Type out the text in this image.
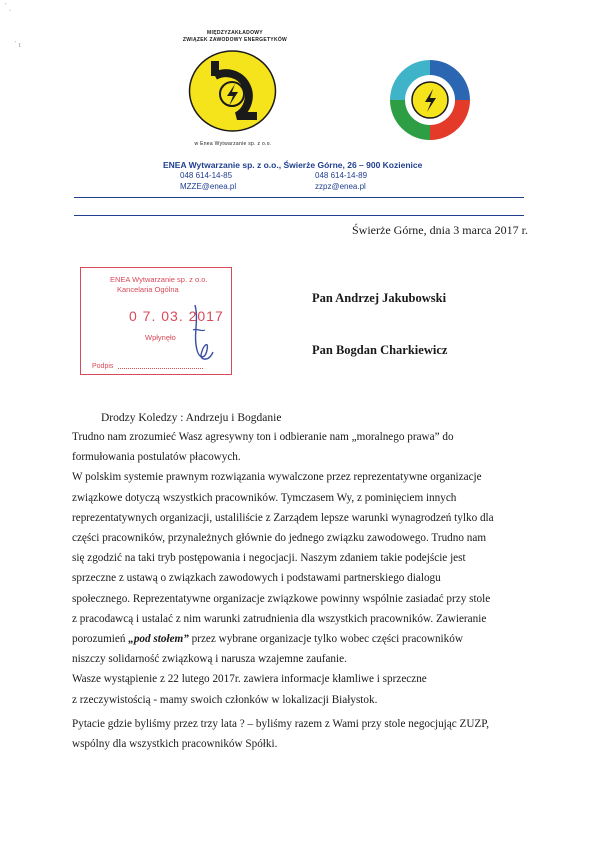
ˊ ˎ
ˊ ı
MIĘDZYZAKŁADOWY
ZWIĄZEK ZAWODOWY ENERGETYKÓW
w Enea Wytwarzanie sp. z o.o.
ENEA Wytwarzanie sp. z o.o., Świerże Górne, 26 – 900 Kozienice
048 614-14-85
MZZE@enea.pl
048 614-14-89
zzpz@enea.pl
Świerże Górne, dnia 3 marca 2017 r.
ENEA Wytwarzanie sp. z o.o.
Kancelaria Ogólna
0 7. 03. 2017
Wpłynęło
Podpis
Pan Andrzej Jakubowski
Pan Bogdan Charkiewicz
Drodzy Koledzy : Andrzeju i Bogdanie
Trudno nam zrozumieć Wasz agresywny ton i odbieranie nam „moralnego prawa” do
formułowania postulatów płacowych.
W polskim systemie prawnym rozwiązania wywalczone przez reprezentatywne organizacje
związkowe dotyczą wszystkich pracowników. Tymczasem Wy, z pominięciem innych
reprezentatywnych organizacji, ustaliliście z Zarządem lepsze warunki wynagrodzeń tylko dla
części pracowników, przynależnych głównie do jednego związku zawodowego. Trudno nam
się zgodzić na taki tryb postępowania i negocjacji. Naszym zdaniem takie podejście jest
sprzeczne z ustawą o związkach zawodowych i podstawami partnerskiego dialogu
społecznego. Reprezentatywne organizacje związkowe powinny wspólnie zasiadać przy stole
z pracodawcą i ustalać z nim warunki zatrudnienia dla wszystkich pracowników. Zawieranie
porozumień „pod stołem” przez wybrane organizacje tylko wobec części pracowników
niszczy solidarność związkową i narusza wzajemne zaufanie.
Wasze wystąpienie z 22 lutego 2017r. zawiera informacje kłamliwe i sprzeczne
z rzeczywistością - mamy swoich członków w lokalizacji Białystok.
Pytacie gdzie byliśmy przez trzy lata ? – byliśmy razem z Wami przy stole negocjując ZUZP,
wspólny dla wszystkich pracowników Spółki.
